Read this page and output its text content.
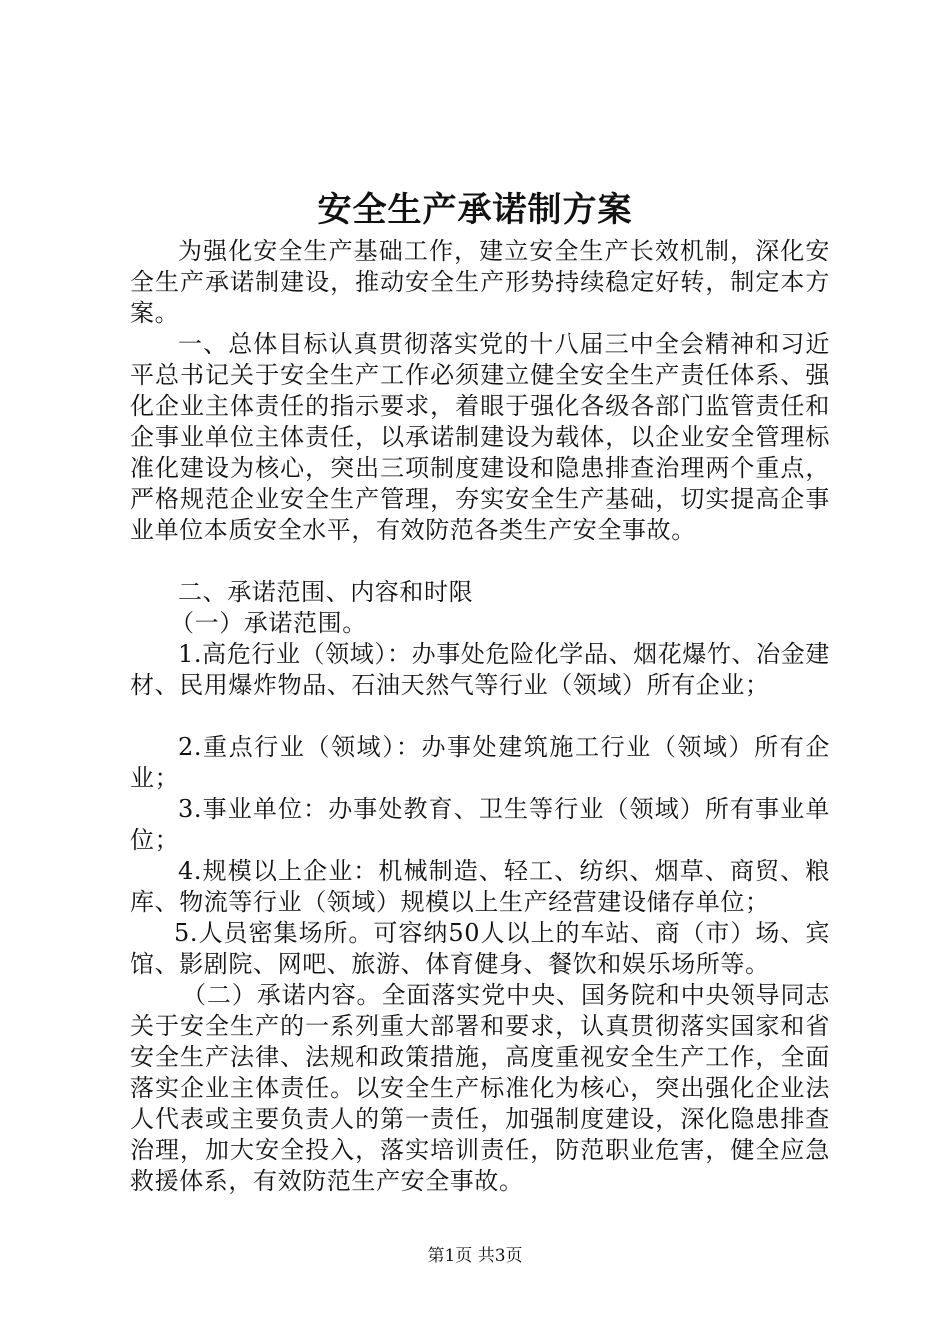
安全生产承诺制方案

为强化安全生产基础工作，建立安全生产长效机制，深化安全生产承诺制建设，推动安全生产形势持续稳定好转，制定本方案。

一、总体目标认真贯彻落实党的十八届三中全会精神和习近平总书记关于安全生产工作必须建立健全安全生产责任体系、强化企业主体责任的指示要求，着眼于强化各级各部门监管责任和企事业单位主体责任，以承诺制建设为载体，以企业安全管理标准化建设为核心，突出三项制度建设和隐患排查治理两个重点，严格规范企业安全生产管理，夯实安全生产基础，切实提高企事业单位本质安全水平，有效防范各类生产安全事故。

二、承诺范围、内容和时限

（一）承诺范围。

1.高危行业（领域）：办事处危险化学品、烟花爆竹、冶金建材、民用爆炸物品、石油天然气等行业（领域）所有企业；

2.重点行业（领域）：办事处建筑施工行业（领域）所有企业；

3.事业单位：办事处教育、卫生等行业（领域）所有事业单位；

4.规模以上企业：机械制造、轻工、纺织、烟草、商贸、粮库、物流等行业（领域）规模以上生产经营建设储存单位；

5.人员密集场所。可容纳50人以上的车站、商（市）场、宾馆、影剧院、网吧、旅游、体育健身、餐饮和娱乐场所等。

（二）承诺内容。全面落实党中央、国务院和中央领导同志关于安全生产的一系列重大部署和要求，认真贯彻落实国家和省安全生产法律、法规和政策措施，高度重视安全生产工作，全面落实企业主体责任。以安全生产标准化为核心，突出强化企业法人代表或主要负责人的第一责任，加强制度建设，深化隐患排查治理，加大安全投入，落实培训责任，防范职业危害，健全应急救援体系，有效防范生产安全事故。

第1页 共3页
